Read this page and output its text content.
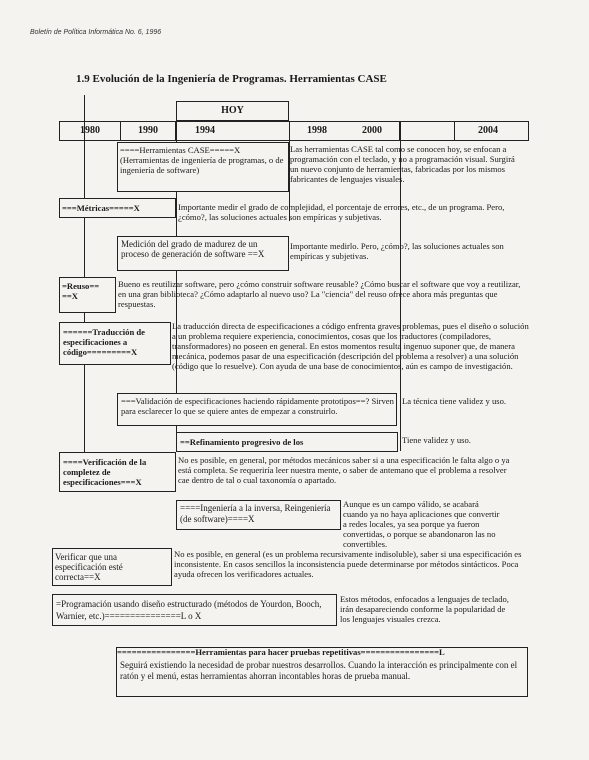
Boletín de Política Informática No. 6, 1996
1.9 Evolución de la Ingeniería de Programas. Herramientas CASE
HOY
1980	1990	1994	1998	2000	2004
====Herramientas CASE=====X (Herramientas de ingeniería de programas, o de ingeniería de software)
Las herramientas CASE tal como se conocen hoy, se enfocan a programación con el teclado, y no a programación visual. Surgirá un nuevo conjunto de herramientas, fabricadas por los mismos fabricantes de lenguajes visuales.
===Métricas=====X	Importante medir el grado de complejidad, el porcentaje de errores, etc., de un programa. Pero, ¿cómo?, las soluciones actuales son empíricas y subjetivas.
Medición del grado de madurez de un proceso de generación de software ==X
Importante medirlo. Pero, ¿cómo?, las soluciones actuales son empíricas y subjetivas.
=Reuso== ==X
Bueno es reutilizar software, pero ¿cómo construir software reusable? ¿Cómo buscar el software que voy a reutilizar, en una gran biblioteca? ¿Cómo adaptarlo al nuevo uso? La "ciencia" del reuso ofrece ahora más preguntas que respuestas.
======Traducción de especificaciones a código=========X
La traducción directa de especificaciones a código enfrenta graves problemas, pues el diseño o solución a un problema requiere experiencia, conocimientos, cosas que los traductores (compiladores, transformadores) no poseen en general. En estos momentos resulta ingenuo suponer que, de manera mecánica, podemos pasar de una especificación (descripción del problema a resolver) a una solución (código que lo resuelve). Con ayuda de una base de conocimientos, aún es campo de investigación.
===Validación de especificaciones haciendo rápidamente prototipos==? Sirven para esclarecer lo que se quiere antes de empezar a construirlo.
La técnica tiene validez y uso.
==Refinamiento progresivo de los	Tiene validez y uso.
====Verificación de la completez de especificaciones===X
No es posible, en general, por métodos mecánicos saber si a una especificación le falta algo o ya está completa. Se requeriría leer nuestra mente, o saber de antemano que el problema a resolver cae dentro de tal o cual taxonomía o apartado.
====Ingeniería a la inversa, Reingeniería (de software)====X
Aunque es un campo válido, se acabará cuando ya no haya aplicaciones que convertir a redes locales, ya sea porque ya fueron convertidas, o porque se abandonaron las no convertibles.
Verificar que una especificación esté correcta==X
No es posible, en general (es un problema recursivamente indisoluble), saber si una especificación es inconsistente. En casos sencillos la inconsistencia puede determinarse por métodos sintácticos. Poca ayuda ofrecen los verificadores actuales.
=Programación usando diseño estructurado (métodos de Yourdon, Booch, Warnier, etc.)===============L o X
Estos métodos, enfocados a lenguajes de teclado, irán desapareciendo conforme la popularidad de los lenguajes visuales crezca.
================Herramientas para hacer pruebas repetitivas================L
Seguirá existiendo la necesidad de probar nuestros desarrollos. Cuando la interacción es principalmente con el ratón y el menú, estas herramientas ahorran incontables horas de prueba manual.
